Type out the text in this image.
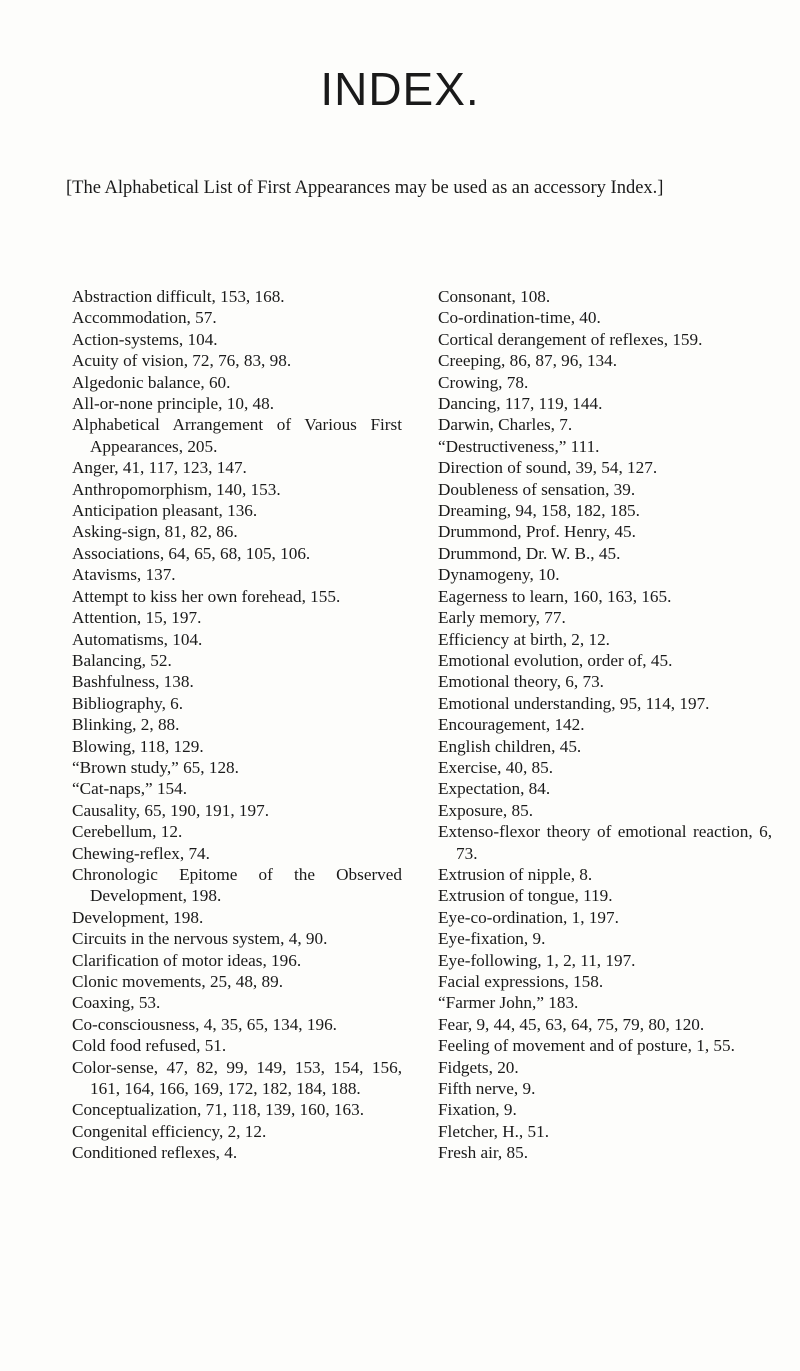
INDEX.

[The Alphabetical List of First Appearances may be used as an accessory Index.]

Abstraction difficult, 153, 168.
Accommodation, 57.
Action-systems, 104.
Acuity of vision, 72, 76, 83, 98.
Algedonic balance, 60.
All-or-none principle, 10, 48.
Alphabetical Arrangement of Various First Appearances, 205.
Anger, 41, 117, 123, 147.
Anthropomorphism, 140, 153.
Anticipation pleasant, 136.
Asking-sign, 81, 82, 86.
Associations, 64, 65, 68, 105, 106.
Atavisms, 137.
Attempt to kiss her own forehead, 155.
Attention, 15, 197.
Automatisms, 104.
Balancing, 52.
Bashfulness, 138.
Bibliography, 6.
Blinking, 2, 88.
Blowing, 118, 129.
“Brown study,” 65, 128.
“Cat-naps,” 154.
Causality, 65, 190, 191, 197.
Cerebellum, 12.
Chewing-reflex, 74.
Chronologic Epitome of the Observed Development, 198.
Development, 198.
Circuits in the nervous system, 4, 90.
Clarification of motor ideas, 196.
Clonic movements, 25, 48, 89.
Coaxing, 53.
Co-consciousness, 4, 35, 65, 134, 196.
Cold food refused, 51.
Color-sense, 47, 82, 99, 149, 153, 154, 156, 161, 164, 166, 169, 172, 182, 184, 188.
Conceptualization, 71, 118, 139, 160, 163.
Congenital efficiency, 2, 12.
Conditioned reflexes, 4.
Consonant, 108.
Co-ordination-time, 40.
Cortical derangement of reflexes, 159.
Creeping, 86, 87, 96, 134.
Crowing, 78.
Dancing, 117, 119, 144.
Darwin, Charles, 7.
“Destructiveness,” 111.
Direction of sound, 39, 54, 127.
Doubleness of sensation, 39.
Dreaming, 94, 158, 182, 185.
Drummond, Prof. Henry, 45.
Drummond, Dr. W. B., 45.
Dynamogeny, 10.
Eagerness to learn, 160, 163, 165.
Early memory, 77.
Efficiency at birth, 2, 12.
Emotional evolution, order of, 45.
Emotional theory, 6, 73.
Emotional understanding, 95, 114, 197.
Encouragement, 142.
English children, 45.
Exercise, 40, 85.
Expectation, 84.
Exposure, 85.
Extenso-flexor theory of emotional reaction, 6, 73.
Extrusion of nipple, 8.
Extrusion of tongue, 119.
Eye-co-ordination, 1, 197.
Eye-fixation, 9.
Eye-following, 1, 2, 11, 197.
Facial expressions, 158.
“Farmer John,” 183.
Fear, 9, 44, 45, 63, 64, 75, 79, 80, 120.
Feeling of movement and of posture, 1, 55.
Fidgets, 20.
Fifth nerve, 9.
Fixation, 9.
Fletcher, H., 51.
Fresh air, 85.
